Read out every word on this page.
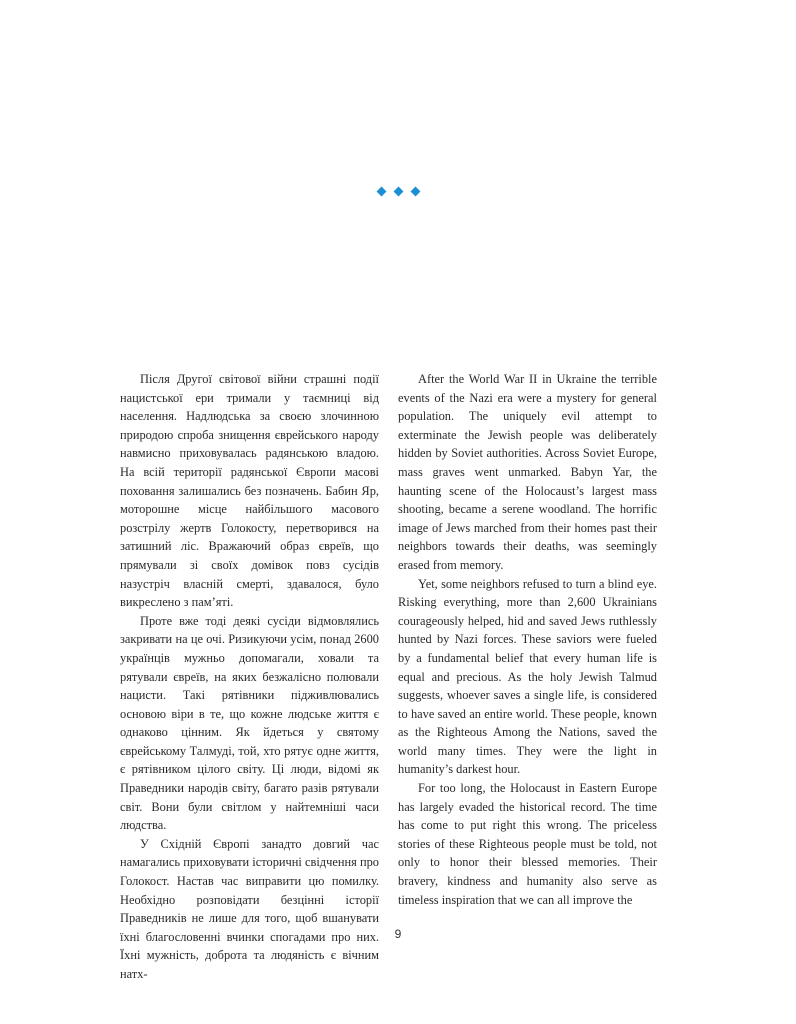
Після Другої світової війни страшні події нацистської ери тримали у таємниці від населення. Надлюдська за своєю злочинною природою спроба знищення єврейського народу навмисно приховувалась радянською владою. На всій території радянської Європи масові поховання залишались без позначень. Бабин Яр, моторошне місце найбільшого масового розстрілу жертв Голокосту, перетворився на затишний ліс. Вражаючий образ євреїв, що прямували зі своїх домівок повз сусідів назустріч власній смерті, здавалося, було викреслено з пам’яті.

Проте вже тоді деякі сусіди відмовлялись закривати на це очі. Ризикуючи усім, понад 2600 українців мужньо допомагали, ховали та рятували євреїв, на яких безжалісно полювали нацисти. Такі рятівники підживлювались основою віри в те, що кожне людське життя є однаково цінним. Як йдеться у святому єврейському Талмуді, той, хто рятує одне життя, є рятівником цілого світу. Ці люди, відомі як Праведники народів світу, багато разів рятували світ. Вони були світлом у найтемніші часи людства.

У Східній Європі занадто довгий час намагались приховувати історичні свідчення про Голокост. Настав час виправити цю помилку. Необхідно розповідати безцінні історії Праведників не лише для того, щоб вшанувати їхні благословенні вчинки спогадами про них. Їхні мужність, доброта та людяність є вічним натх-

After the World War II in Ukraine the terrible events of the Nazi era were a mystery for general population. The uniquely evil attempt to exterminate the Jewish people was deliberately hidden by Soviet authorities. Across Soviet Europe, mass graves went unmarked. Babyn Yar, the haunting scene of the Holocaust’s largest mass shooting, became a serene woodland. The horrific image of Jews marched from their homes past their neighbors towards their deaths, was seemingly erased from memory.

Yet, some neighbors refused to turn a blind eye. Risking everything, more than 2,600 Ukrainians courageously helped, hid and saved Jews ruthlessly hunted by Nazi forces. These saviors were fueled by a fundamental belief that every human life is equal and precious. As the holy Jewish Talmud suggests, whoever saves a single life, is considered to have saved an entire world. These people, known as the Righteous Among the Nations, saved the world many times. They were the light in humanity’s darkest hour.

For too long, the Holocaust in Eastern Europe has largely evaded the historical record. The time has come to put right this wrong. The priceless stories of these Righteous people must be told, not only to honor their blessed memories. Their bravery, kindness and humanity also serve as timeless inspiration that we can all improve the

9
